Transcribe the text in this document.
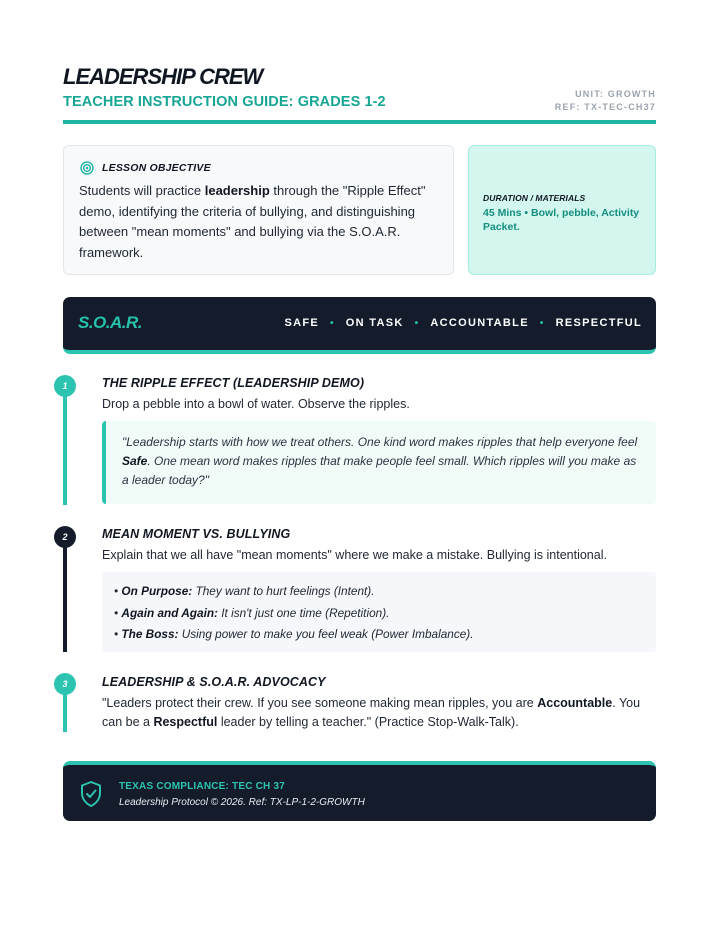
LEADERSHIP CREW
TEACHER INSTRUCTION GUIDE: GRADES 1-2	UNIT: GROWTH
REF: TX-TEC-CH37
LESSON OBJECTIVE
Students will practice leadership through the "Ripple Effect" demo, identifying the criteria of bullying, and distinguishing between "mean moments" and bullying via the S.O.A.R. framework.
DURATION / MATERIALS
45 Mins • Bowl, pebble, Activity Packet.
S.O.A.R.	SAFE • ON TASK • ACCOUNTABLE • RESPECTFUL
1	THE RIPPLE EFFECT (LEADERSHIP DEMO)
Drop a pebble into a bowl of water. Observe the ripples.
"Leadership starts with how we treat others. One kind word makes ripples that help everyone feel Safe. One mean word makes ripples that make people feel small. Which ripples will you make as a leader today?"
2	MEAN MOMENT VS. BULLYING
Explain that we all have "mean moments" where we make a mistake. Bullying is intentional.
• On Purpose: They want to hurt feelings (Intent).
• Again and Again: It isn't just one time (Repetition).
• The Boss: Using power to make you feel weak (Power Imbalance).
3	LEADERSHIP & S.O.A.R. ADVOCACY
"Leaders protect their crew. If you see someone making mean ripples, you are Accountable. You can be a Respectful leader by telling a teacher." (Practice Stop-Walk-Talk).
TEXAS COMPLIANCE: TEC CH 37
Leadership Protocol © 2026. Ref: TX-LP-1-2-GROWTH
